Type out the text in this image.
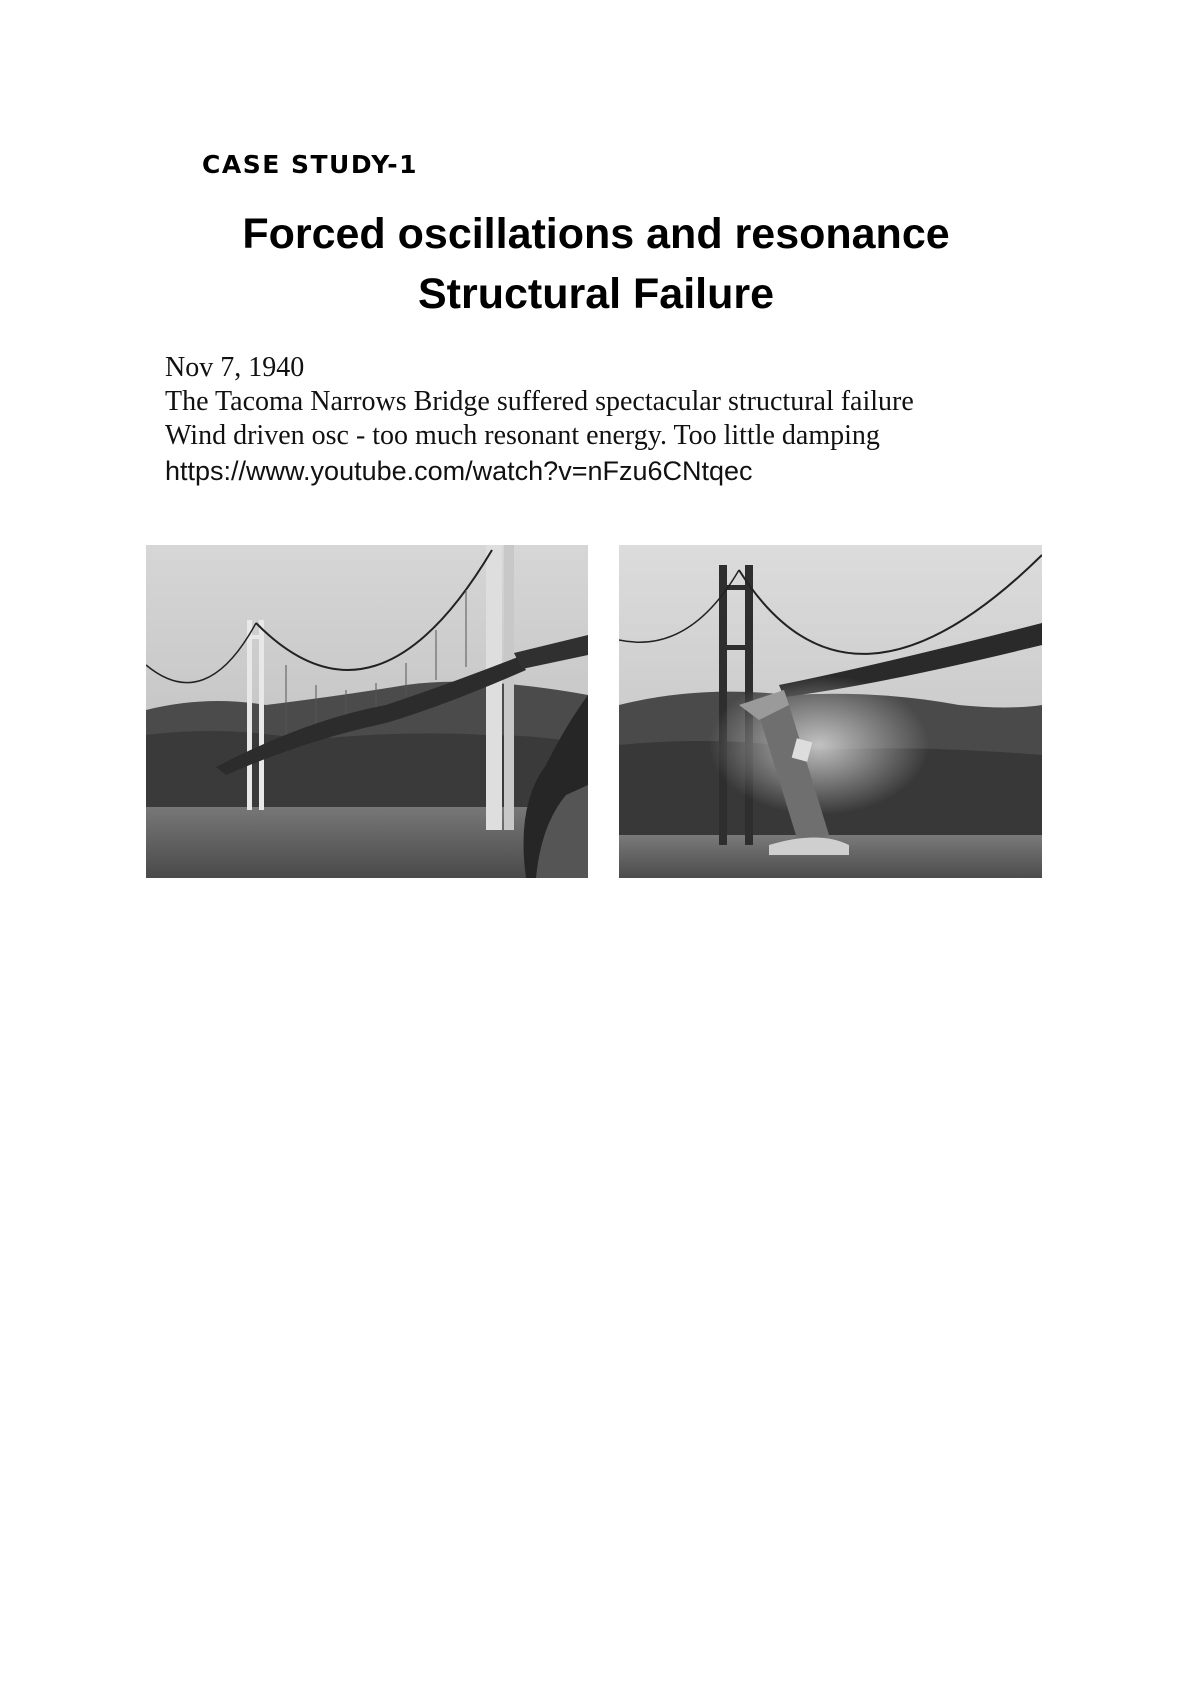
CASE STUDY-1
Forced oscillations and resonance
Structural Failure
Nov 7, 1940
The Tacoma Narrows Bridge suffered spectacular structural failure
Wind driven osc - too much resonant energy. Too little damping
https://www.youtube.com/watch?v=nFzu6CNtqec
